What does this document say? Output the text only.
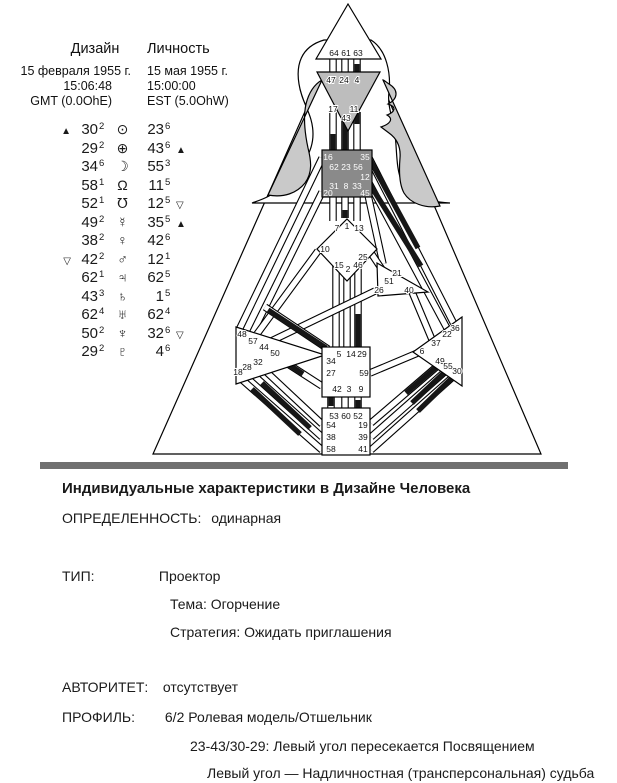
64 61 63
47 24 4
17 11
43
16	35
62 23 56
12
31 8 33
20	45
7 1 13
10
25
15 2 46
21
51
26 40
48
57
44
50
32
28
18
36
22
37
6
49
55 30
5 14 29
34
27	59
42 3 9
53 60 52
54	19
38	39
58	41
Дизайн	Личность
15 февраля 1955 г.
15:06:48
GMT (0.0OhE)
15 мая 1955 г.
15:00:00
EST (5.0OhW)
▲ 30 2 ⊙	23 6
29 2 ⊕	43 6 ▲
34 6 ☽	55 3
58 1 Ω	11 5
52 1 ℧	12 5 ▽
49 2 ☿	35 5 ▲
38 2 ♀	42 6
▽ 42 2 ♂	12 1
62 1 ♃	62 5
43 3 ♄	1 5
62 4 ♅	62 4
50 2 ♆	32 6 ▽
29 2 ♇	4 6
Индивидуальные характеристики в Дизайне Человека
ОПРЕДЕЛЕННОСТЬ: одинарная
ТИП:	Проектор
Тема: Огорчение
Стратегия: Ожидать приглашения
АВТОРИТЕТ: отсутствует
ПРОФИЛЬ: 6/2 Ролевая модель/Отшельник
23-43/30-29: Левый угол пересекается Посвящением
Левый угол — Надличностная (трансперсональная) судьба
